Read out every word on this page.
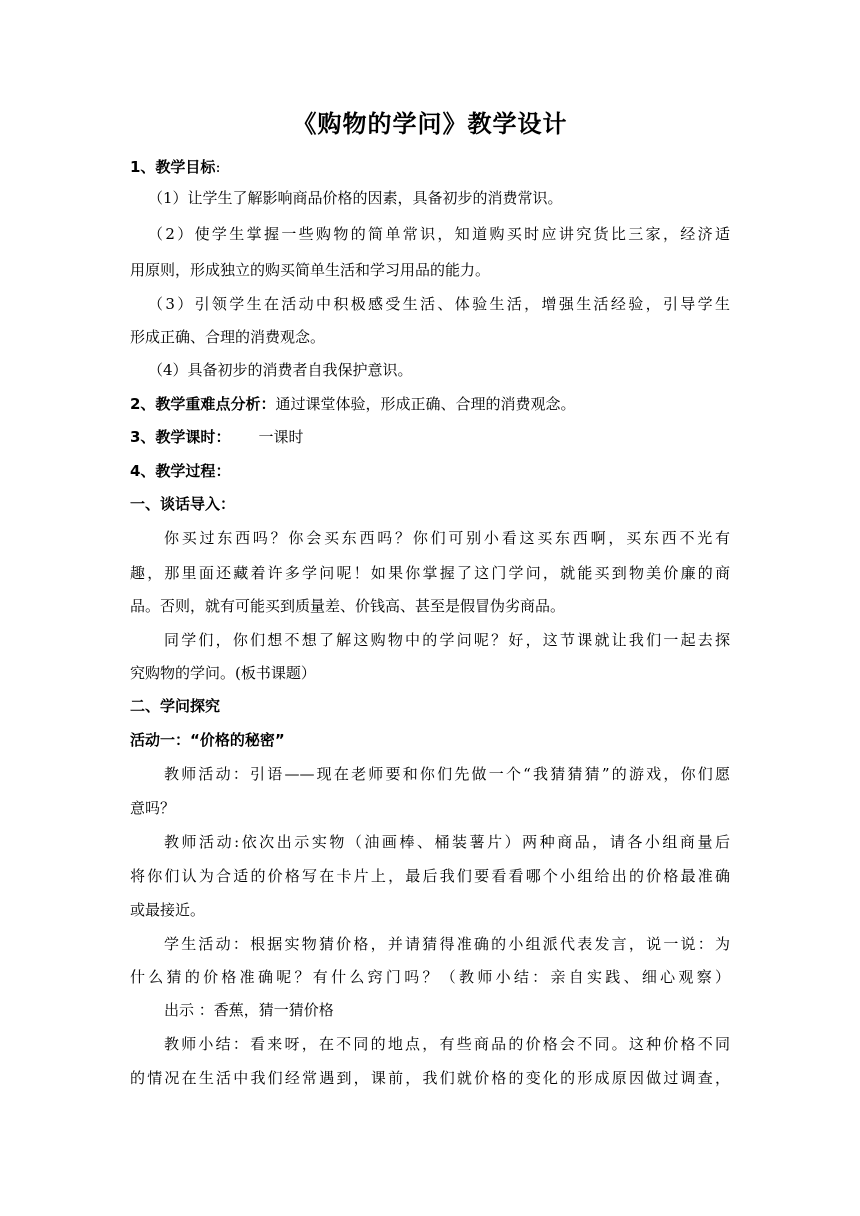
《购物的学问》教学设计

1、教学目标:

（1）让学生了解影响商品价格的因素，具备初步的消费常识。

（2）使学生掌握一些购物的简单常识，知道购买时应讲究货比三家，经济适

用原则，形成独立的购买简单生活和学习用品的能力。

（3）引领学生在活动中积极感受生活、体验生活，增强生活经验，引导学生

形成正确、合理的消费观念。

（4）具备初步的消费者自我保护意识。

2、教学重难点分析：通过课堂体验，形成正确、合理的消费观念。

3、教学课时： 一课时

4、教学过程：

一、谈话导入：

你买过东西吗？你会买东西吗？你们可别小看这买东西啊，买东西不光有

趣，那里面还藏着许多学问呢！如果你掌握了这门学问，就能买到物美价廉的商

品。否则，就有可能买到质量差、价钱高、甚至是假冒伪劣商品。

同学们，你们想不想了解这购物中的学问呢？好，这节课就让我们一起去探

究购物的学问。(板书课题）

二、学问探究

活动一：“价格的秘密”

教师活动：引语——现在老师要和你们先做一个“我猜猜猜”的游戏，你们愿

意吗？

教师活动:依次出示实物（油画棒、桶装薯片）两种商品，请各小组商量后

将你们认为合适的价格写在卡片上，最后我们要看看哪个小组给出的价格最准确

或最接近。

学生活动：根据实物猜价格，并请猜得准确的小组派代表发言，说一说：为

什么猜的价格准确呢？有什么窍门吗？（教师小结：亲自实践、细心观察）

出示 ：香蕉，猜一猜价格

教师小结：看来呀，在不同的地点，有些商品的价格会不同。这种价格不同

的情况在生活中我们经常遇到，课前，我们就价格的变化的形成原因做过调查，
